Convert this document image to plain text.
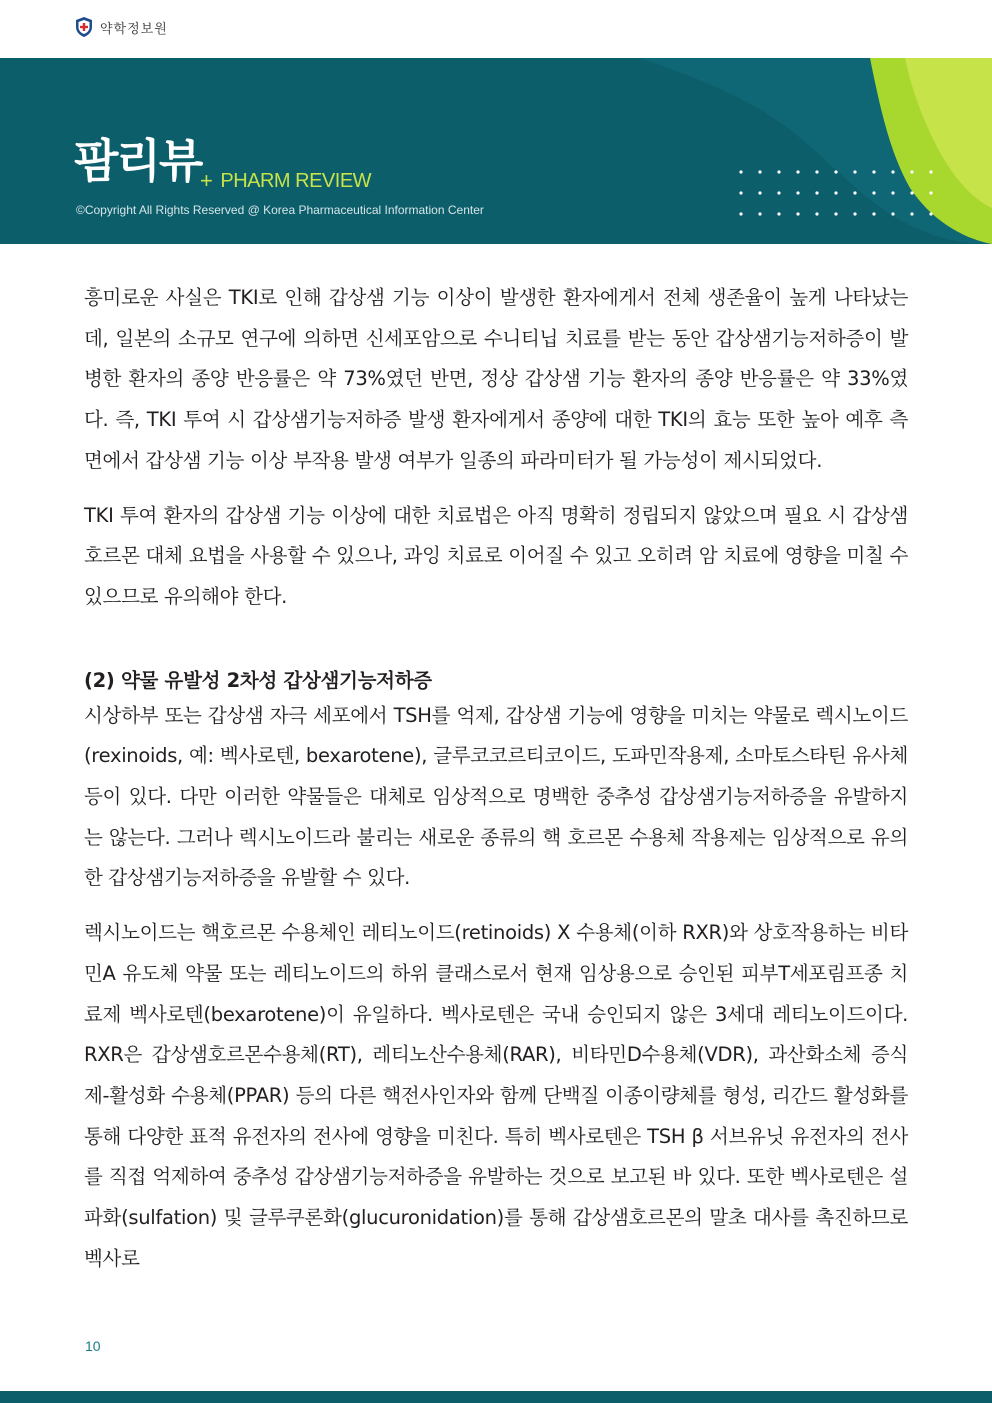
약학정보원
팜리뷰
+ PHARM REVIEW
©Copyright All Rights Reserved @ Korea Pharmaceutical Information Center

흥미로운 사실은 TKI로 인해 갑상샘 기능 이상이 발생한 환자에게서 전체 생존율이 높게 나타났는데, 일본의 소규모 연구에 의하면 신세포암으로 수니티닙 치료를 받는 동안 갑상샘기능저하증이 발병한 환자의 종양 반응률은 약 73%였던 반면, 정상 갑상샘 기능 환자의 종양 반응률은 약 33%였다. 즉, TKI 투여 시 갑상샘기능저하증 발생 환자에게서 종양에 대한 TKI의 효능 또한 높아 예후 측면에서 갑상샘 기능 이상 부작용 발생 여부가 일종의 파라미터가 될 가능성이 제시되었다.

TKI 투여 환자의 갑상샘 기능 이상에 대한 치료법은 아직 명확히 정립되지 않았으며 필요 시 갑상샘호르몬 대체 요법을 사용할 수 있으나, 과잉 치료로 이어질 수 있고 오히려 암 치료에 영향을 미칠 수 있으므로 유의해야 한다.

(2) 약물 유발성 2차성 갑상샘기능저하증

시상하부 또는 갑상샘 자극 세포에서 TSH를 억제, 갑상샘 기능에 영향을 미치는 약물로 렉시노이드(rexinoids, 예: 벡사로텐, bexarotene), 글루코코르티코이드, 도파민작용제, 소마토스타틴 유사체 등이 있다. 다만 이러한 약물들은 대체로 임상적으로 명백한 중추성 갑상샘기능저하증을 유발하지는 않는다. 그러나 렉시노이드라 불리는 새로운 종류의 핵 호르몬 수용체 작용제는 임상적으로 유의한 갑상샘기능저하증을 유발할 수 있다.

렉시노이드는 핵호르몬 수용체인 레티노이드(retinoids) X 수용체(이하 RXR)와 상호작용하는 비타민A 유도체 약물 또는 레티노이드의 하위 클래스로서 현재 임상용으로 승인된 피부T세포림프종 치료제 벡사로텐(bexarotene)이 유일하다. 벡사로텐은 국내 승인되지 않은 3세대 레티노이드이다. RXR은 갑상샘호르몬수용체(RT), 레티노산수용체(RAR), 비타민D수용체(VDR), 과산화소체 증식제-활성화 수용체(PPAR) 등의 다른 핵전사인자와 함께 단백질 이종이량체를 형성, 리간드 활성화를 통해 다양한 표적 유전자의 전사에 영향을 미친다. 특히 벡사로텐은 TSH β 서브유닛 유전자의 전사를 직접 억제하여 중추성 갑상샘기능저하증을 유발하는 것으로 보고된 바 있다. 또한 벡사로텐은 설파화(sulfation) 및 글루쿠론화(glucuronidation)를 통해 갑상샘호르몬의 말초 대사를 촉진하므로 벡사로

10
